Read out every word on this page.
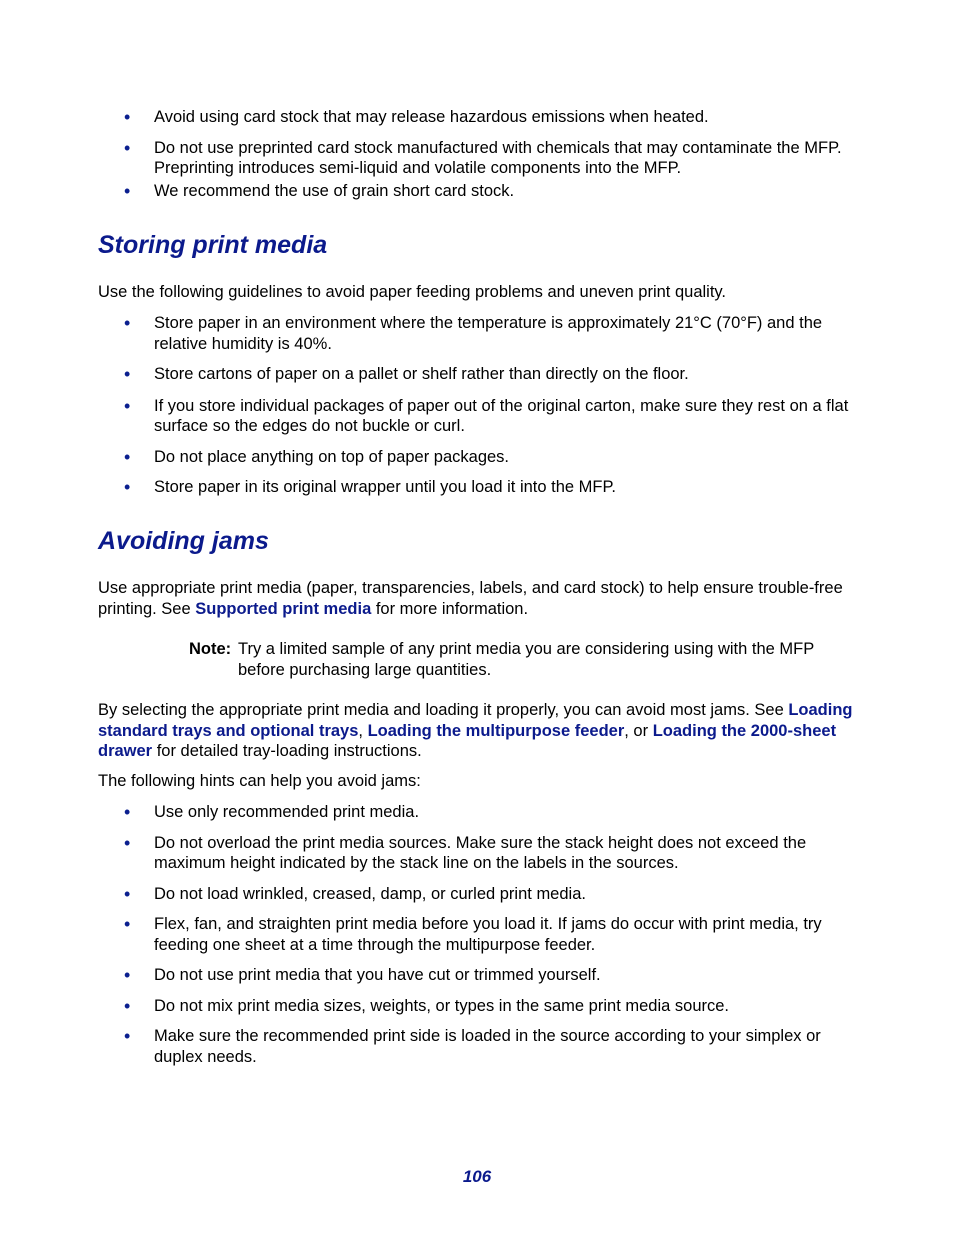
• Avoid using card stock that may release hazardous emissions when heated.
• Do not use preprinted card stock manufactured with chemicals that may contaminate the MFP. Preprinting introduces semi-liquid and volatile components into the MFP.
• We recommend the use of grain short card stock.
Storing print media

Use the following guidelines to avoid paper feeding problems and uneven print quality.

• Store paper in an environment where the temperature is approximately 21°C (70°F) and the relative humidity is 40%.
• Store cartons of paper on a pallet or shelf rather than directly on the floor.
• If you store individual packages of paper out of the original carton, make sure they rest on a flat surface so the edges do not buckle or curl.
• Do not place anything on top of paper packages.
• Store paper in its original wrapper until you load it into the MFP.
Avoiding jams

Use appropriate print media (paper, transparencies, labels, and card stock) to help ensure trouble-free printing. See Supported print media for more information.

Note: Try a limited sample of any print media you are considering using with the MFP before purchasing large quantities.

By selecting the appropriate print media and loading it properly, you can avoid most jams. See Loading standard trays and optional trays, Loading the multipurpose feeder, or Loading the 2000-sheet drawer for detailed tray-loading instructions.

The following hints can help you avoid jams:

• Use only recommended print media.
• Do not overload the print media sources. Make sure the stack height does not exceed the maximum height indicated by the stack line on the labels in the sources.
• Do not load wrinkled, creased, damp, or curled print media.
• Flex, fan, and straighten print media before you load it. If jams do occur with print media, try feeding one sheet at a time through the multipurpose feeder.
• Do not use print media that you have cut or trimmed yourself.
• Do not mix print media sizes, weights, or types in the same print media source.
• Make sure the recommended print side is loaded in the source according to your simplex or duplex needs.
106
